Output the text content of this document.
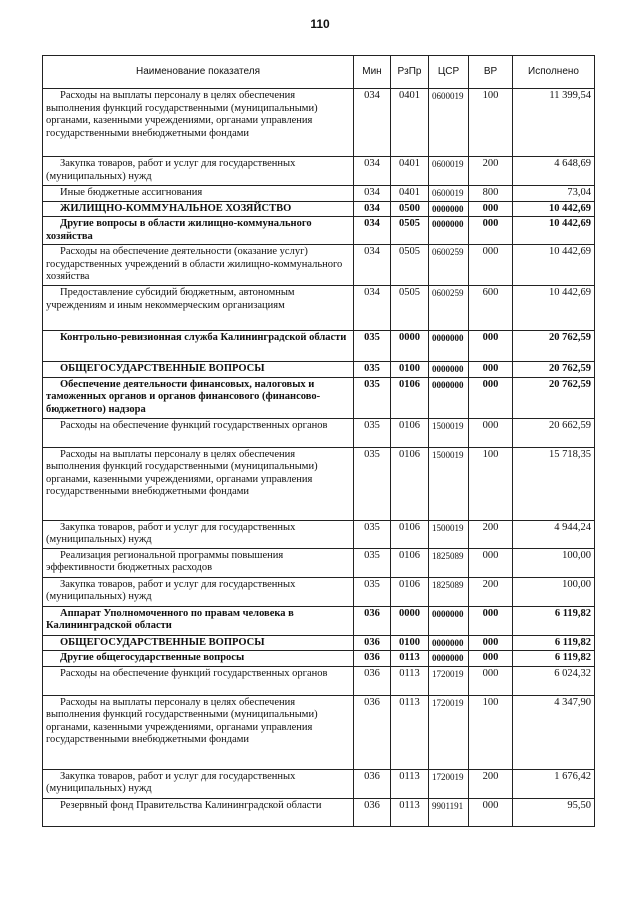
110
Наименование показателя	Мин	РзПр	ЦСР	ВР	Исполнено
Расходы на выплаты персоналу в целях обеспечения выполнения функций государственными (муниципальными) органами, казенными учреждениями, органами управления государственными внебюджетными фондами	034	0401	0600019	100	11 399,54
Закупка товаров, работ и услуг для государственных (муниципальных) нужд	034	0401	0600019	200	4 648,69
Иные бюджетные ассигнования	034	0401	0600019	800	73,04
ЖИЛИЩНО-КОММУНАЛЬНОЕ ХОЗЯЙСТВО	034	0500	0000000	000	10 442,69
Другие вопросы в области жилищно-коммунального хозяйства	034	0505	0000000	000	10 442,69
Расходы на обеспечение деятельности (оказание услуг) государственных учреждений в области жилищно-коммунального хозяйства	034	0505	0600259	000	10 442,69
Предоставление субсидий бюджетным, автономным учреждениям и иным некоммерческим организациям	034	0505	0600259	600	10 442,69
Контрольно-ревизионная служба Калининградской области	035	0000	0000000	000	20 762,59
ОБЩЕГОСУДАРСТВЕННЫЕ ВОПРОСЫ	035	0100	0000000	000	20 762,59
Обеспечение деятельности финансовых, налоговых и таможенных органов и органов финансового (финансово-бюджетного) надзора	035	0106	0000000	000	20 762,59
Расходы на обеспечение функций государственных органов	035	0106	1500019	000	20 662,59
Расходы на выплаты персоналу в целях обеспечения выполнения функций государственными (муниципальными) органами, казенными учреждениями, органами управления государственными внебюджетными фондами	035	0106	1500019	100	15 718,35
Закупка товаров, работ и услуг для государственных (муниципальных) нужд	035	0106	1500019	200	4 944,24
Реализация региональной программы повышения эффективности бюджетных расходов	035	0106	1825089	000	100,00
Закупка товаров, работ и услуг для государственных (муниципальных) нужд	035	0106	1825089	200	100,00
Аппарат Уполномоченного по правам человека в Калининградской области	036	0000	0000000	000	6 119,82
ОБЩЕГОСУДАРСТВЕННЫЕ ВОПРОСЫ	036	0100	0000000	000	6 119,82
Другие общегосударственные вопросы	036	0113	0000000	000	6 119,82
Расходы на обеспечение функций государственных органов	036	0113	1720019	000	6 024,32
Расходы на выплаты персоналу в целях обеспечения выполнения функций государственными (муниципальными) органами, казенными учреждениями, органами управления государственными внебюджетными фондами	036	0113	1720019	100	4 347,90
Закупка товаров, работ и услуг для государственных (муниципальных) нужд	036	0113	1720019	200	1 676,42
Резервный фонд Правительства Калининградской области	036	0113	9901191	000	95,50
